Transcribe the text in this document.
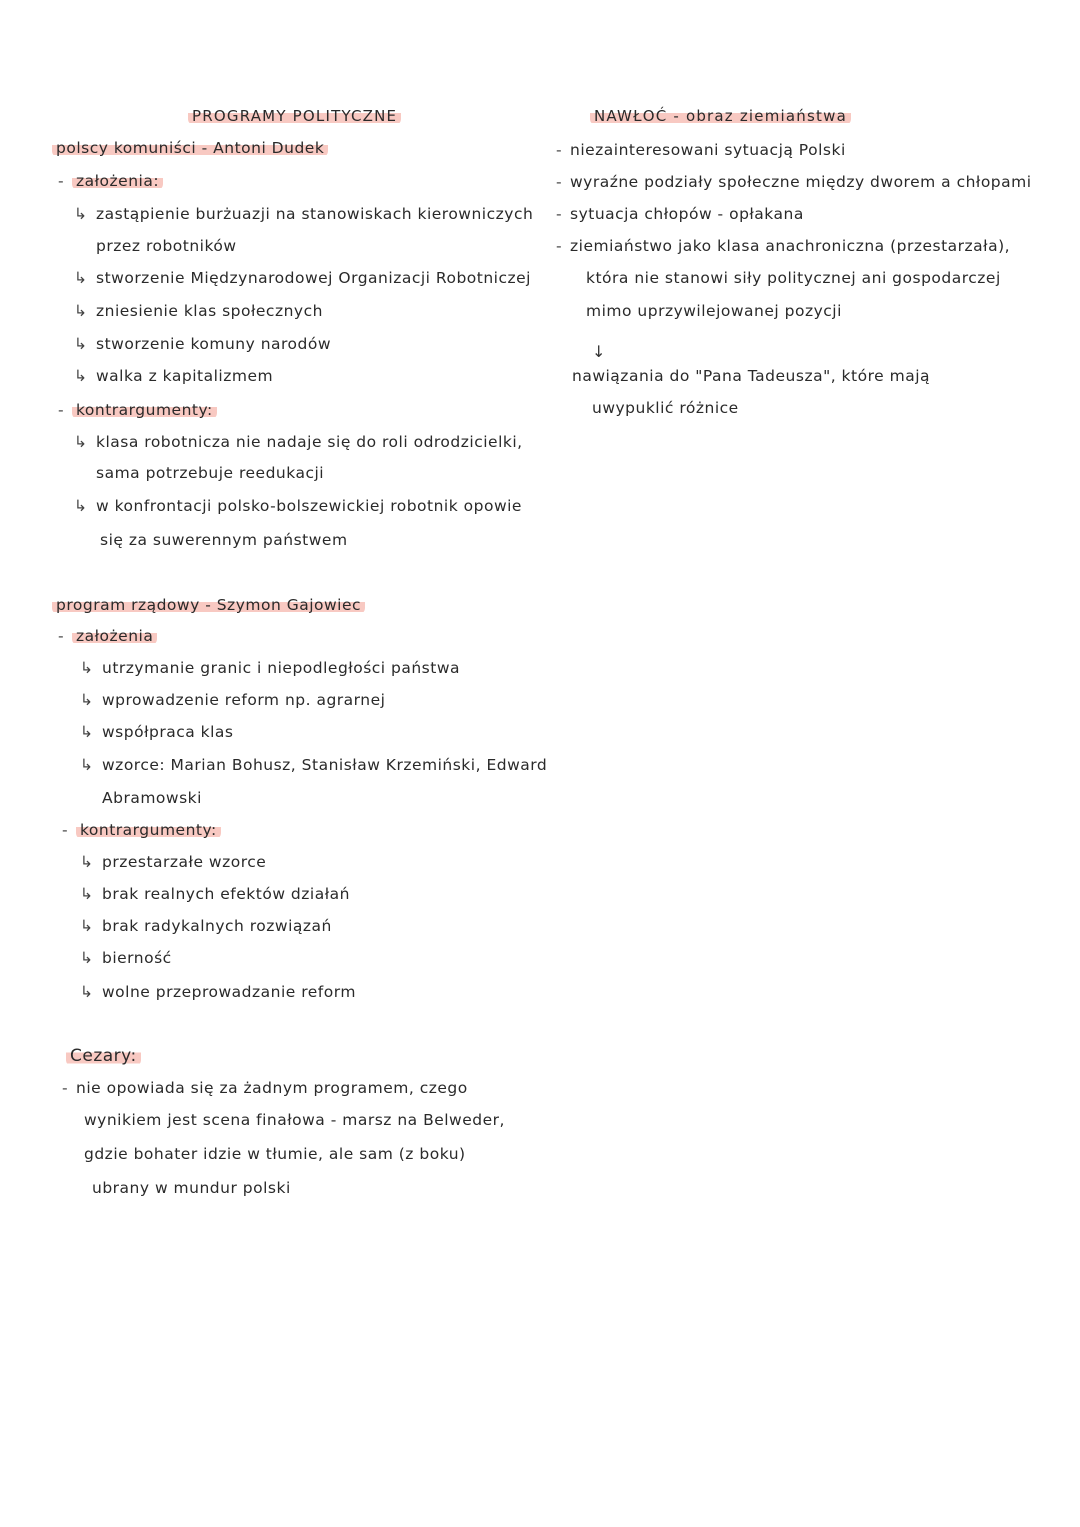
PROGRAMY POLITYCZNE
polscy komuniści - Antoni Dudek
- założenia:
↳ zastąpienie burżuazji na stanowiskach kierowniczych
przez robotników
↳ stworzenie Międzynarodowej Organizacji Robotniczej
↳ zniesienie klas społecznych
↳ stworzenie komuny narodów
↳ walka z kapitalizmem
- kontrargumenty:
↳ klasa robotnicza nie nadaje się do roli odrodzicielki,
sama potrzebuje reedukacji
↳ w konfrontacji polsko-bolszewickiej robotnik opowie
się za suwerennym państwem
program rządowy - Szymon Gajowiec
- założenia
↳ utrzymanie granic i niepodległości państwa
↳ wprowadzenie reform np. agrarnej
↳ współpraca klas
↳ wzorce: Marian Bohusz, Stanisław Krzemiński, Edward
Abramowski
- kontrargumenty:
↳ przestarzałe wzorce
↳ brak realnych efektów działań
↳ brak radykalnych rozwiązań
↳ bierność
↳ wolne przeprowadzanie reform
Cezary:
- nie opowiada się za żadnym programem, czego
wynikiem jest scena finałowa - marsz na Belweder,
gdzie bohater idzie w tłumie, ale sam (z boku)
ubrany w mundur polski
NAWŁOĆ - obraz ziemiaństwa
- niezainteresowani sytuacją Polski
- wyraźne podziały społeczne między dworem a chłopami
- sytuacja chłopów - opłakana
- ziemiaństwo jako klasa anachroniczna (przestarzała),
która nie stanowi siły politycznej ani gospodarczej
mimo uprzywilejowanej pozycji
↓
nawiązania do "Pana Tadeusza", które mają
uwypuklić różnice
